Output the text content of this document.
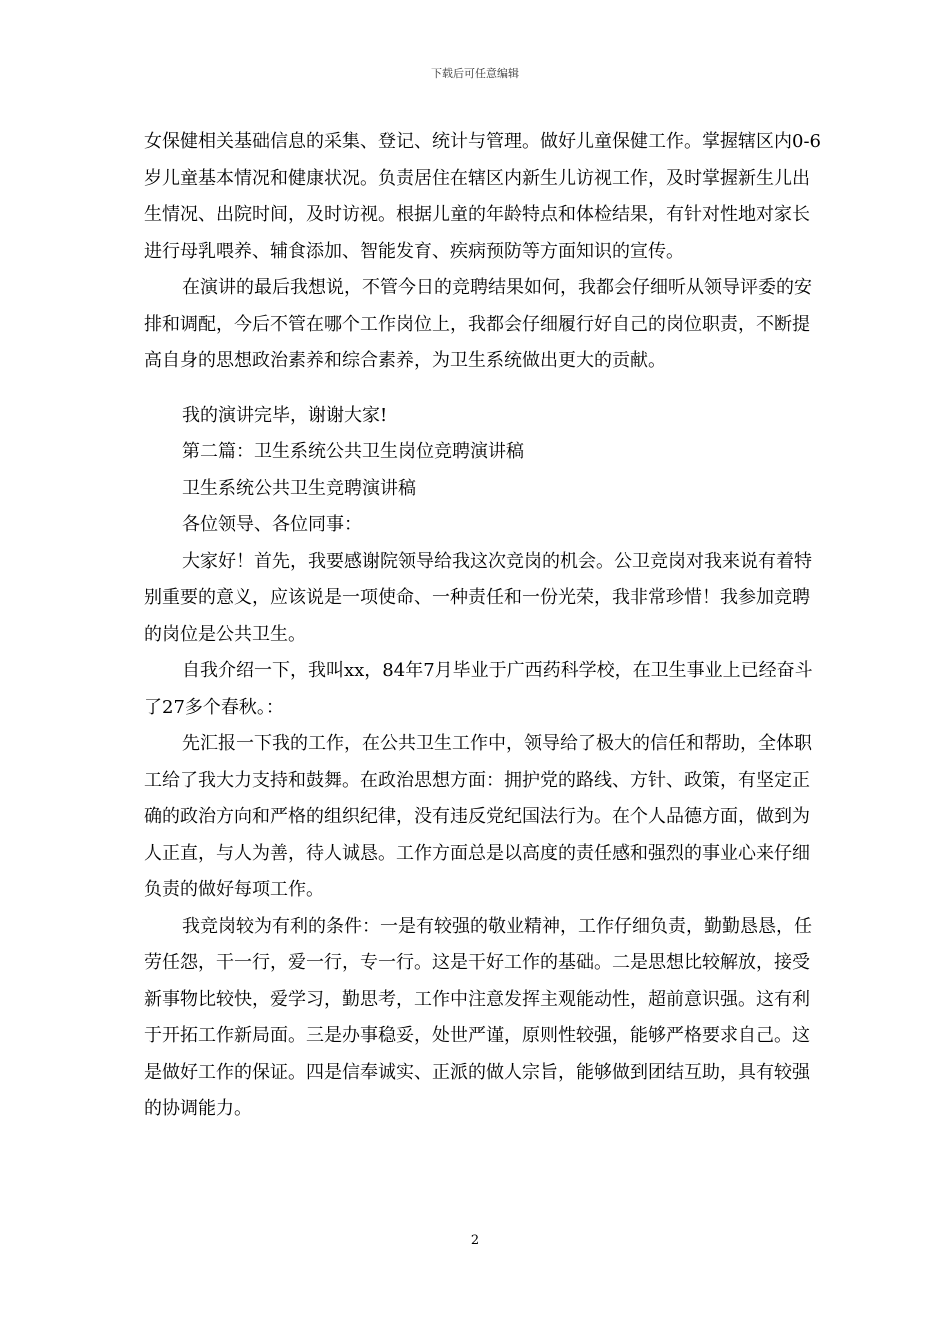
下载后可任意编辑

女保健相关基础信息的采集、登记、统计与管理。做好儿童保健工作。掌握辖区内0-6岁儿童基本情况和健康状况。负责居住在辖区内新生儿访视工作，及时掌握新生儿出生情况、出院时间，及时访视。根据儿童的年龄特点和体检结果，有针对性地对家长进行母乳喂养、辅食添加、智能发育、疾病预防等方面知识的宣传。

在演讲的最后我想说，不管今日的竞聘结果如何，我都会仔细听从领导评委的安排和调配，今后不管在哪个工作岗位上，我都会仔细履行好自己的岗位职责，不断提高自身的思想政治素养和综合素养，为卫生系统做出更大的贡献。

我的演讲完毕，谢谢大家!

第二篇：卫生系统公共卫生岗位竞聘演讲稿

卫生系统公共卫生竞聘演讲稿

各位领导、各位同事：

大家好！首先，我要感谢院领导给我这次竞岗的机会。公卫竞岗对我来说有着特别重要的意义，应该说是一项使命、一种责任和一份光荣，我非常珍惜！我参加竞聘的岗位是公共卫生。

自我介绍一下，我叫xx，84年7月毕业于广西药科学校，在卫生事业上已经奋斗了27多个春秋。：

先汇报一下我的工作，在公共卫生工作中，领导给了极大的信任和帮助，全体职工给了我大力支持和鼓舞。在政治思想方面：拥护党的路线、方针、政策，有坚定正确的政治方向和严格的组织纪律，没有违反党纪国法行为。在个人品德方面，做到为人正直，与人为善，待人诚恳。工作方面总是以高度的责任感和强烈的事业心来仔细负责的做好每项工作。

我竞岗较为有利的条件：一是有较强的敬业精神，工作仔细负责，勤勤恳恳，任劳任怨，干一行，爱一行，专一行。这是干好工作的基础。二是思想比较解放，接受新事物比较快，爱学习，勤思考，工作中注意发挥主观能动性，超前意识强。这有利于开拓工作新局面。三是办事稳妥，处世严谨，原则性较强，能够严格要求自己。这是做好工作的保证。四是信奉诚实、正派的做人宗旨，能够做到团结互助，具有较强的协调能力。

2
